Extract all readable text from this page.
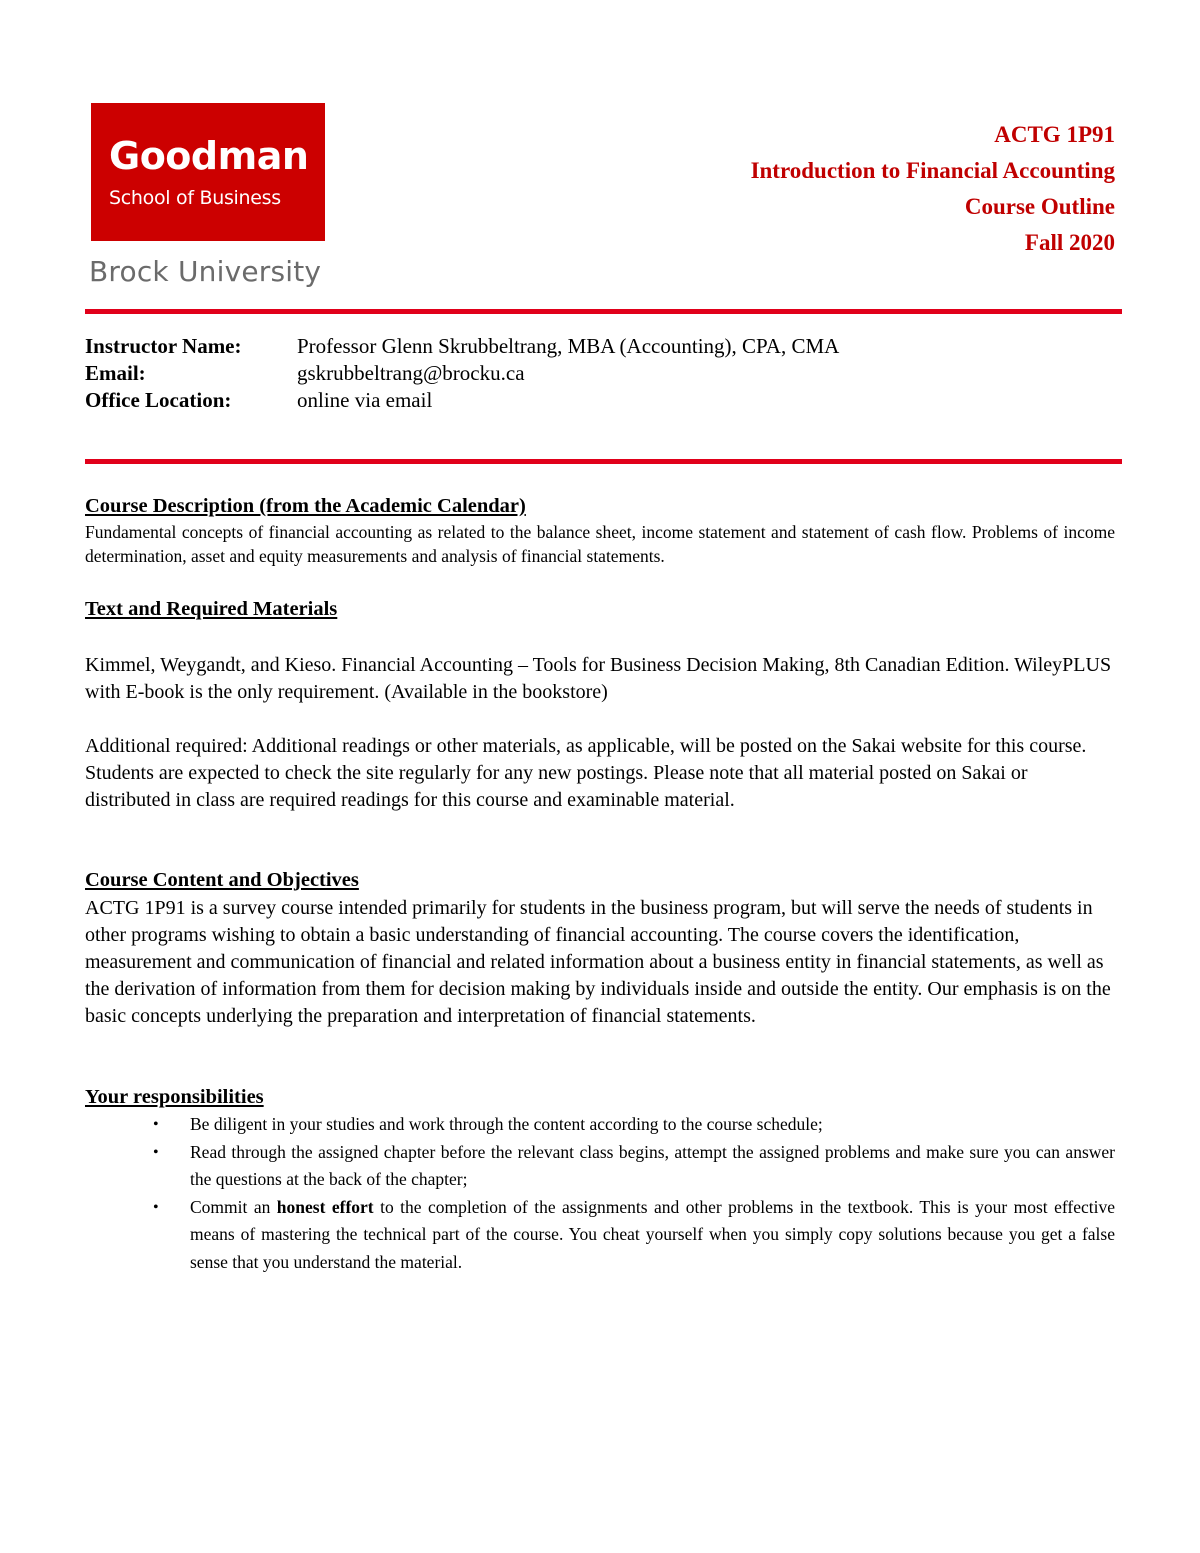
Goodman
School of Business
Brock University
ACTG 1P91
Introduction to Financial Accounting
Course Outline
Fall 2020
Instructor Name:	Professor Glenn Skrubbeltrang, MBA (Accounting), CPA, CMA
Email:	gskrubbeltrang@brocku.ca
Office Location:	online via email
Course Description (from the Academic Calendar)
Fundamental concepts of financial accounting as related to the balance sheet, income statement and statement of cash flow. Problems of income determination, asset and equity measurements and analysis of financial statements.
Text and Required Materials
Kimmel, Weygandt, and Kieso. Financial Accounting – Tools for Business Decision Making, 8th Canadian Edition. WileyPLUS with E-book is the only requirement. (Available in the bookstore)
Additional required: Additional readings or other materials, as applicable, will be posted on the Sakai website for this course. Students are expected to check the site regularly for any new postings. Please note that all material posted on Sakai or distributed in class are required readings for this course and examinable material.
Course Content and Objectives
ACTG 1P91 is a survey course intended primarily for students in the business program, but will serve the needs of students in other programs wishing to obtain a basic understanding of financial accounting. The course covers the identification, measurement and communication of financial and related information about a business entity in financial statements, as well as the derivation of information from them for decision making by individuals inside and outside the entity. Our emphasis is on the basic concepts underlying the preparation and interpretation of financial statements.
Your responsibilities
• Be diligent in your studies and work through the content according to the course schedule;
• Read through the assigned chapter before the relevant class begins, attempt the assigned problems and make sure you can answer the questions at the back of the chapter;
• Commit an honest effort to the completion of the assignments and other problems in the textbook. This is your most effective means of mastering the technical part of the course. You cheat yourself when you simply copy solutions because you get a false sense that you understand the material.
